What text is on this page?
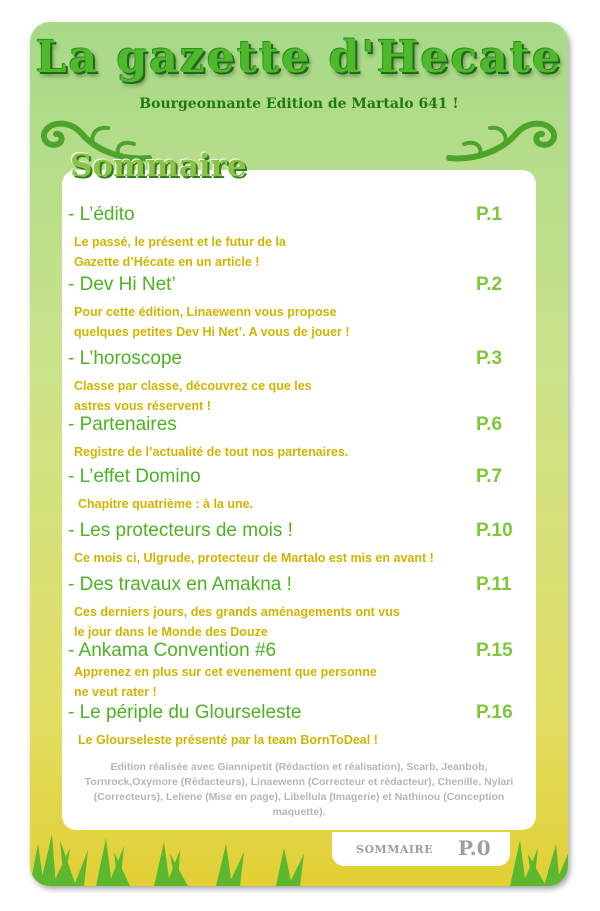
La gazette d'Hecate
Bourgeonnante Edition de Martalo 641 !
Sommaire
- L’édito	P.1
Le passé, le présent et le futur de la
Gazette d’Hécate en un article !
- Dev Hi Net’	P.2
Pour cette édition, Linaewenn vous propose
quelques petites Dev Hi Net’. A vous de jouer !
- L’horoscope	P.3
Classe par classe, découvrez ce que les
astres vous réservent !
- Partenaires	P.6
Registre de l’actualité de tout nos partenaires.
- L’effet Domino	P.7
Chapitre quatrième : à la une.
- Les protecteurs de mois !	P.10
Ce mois ci, Ulgrude, protecteur de Martalo est mis en avant !
- Des travaux en Amakna !	P.11
Ces derniers jours, des grands aménagements ont vus
le jour dans le Monde des Douze
- Ankama Convention #6	P.15
Apprenez en plus sur cet evenement que personne
ne veut rater !
- Le périple du Glourseleste	P.16
Le Glourseleste présenté par la team BornToDeal !
Edition réalisée avec Giannipetit (Rédaction et réalisation), Scarb, Jeanbob, Tornrock,Oxymore (Rédacteurs), Linaewenn (Correcteur et rédacteur), Chenille, Nylari (Correcteurs), Leliene (Mise en page), Libellula (Imagerie) et Nathinou (Conception maquette).
SOMMAIRE P.0
